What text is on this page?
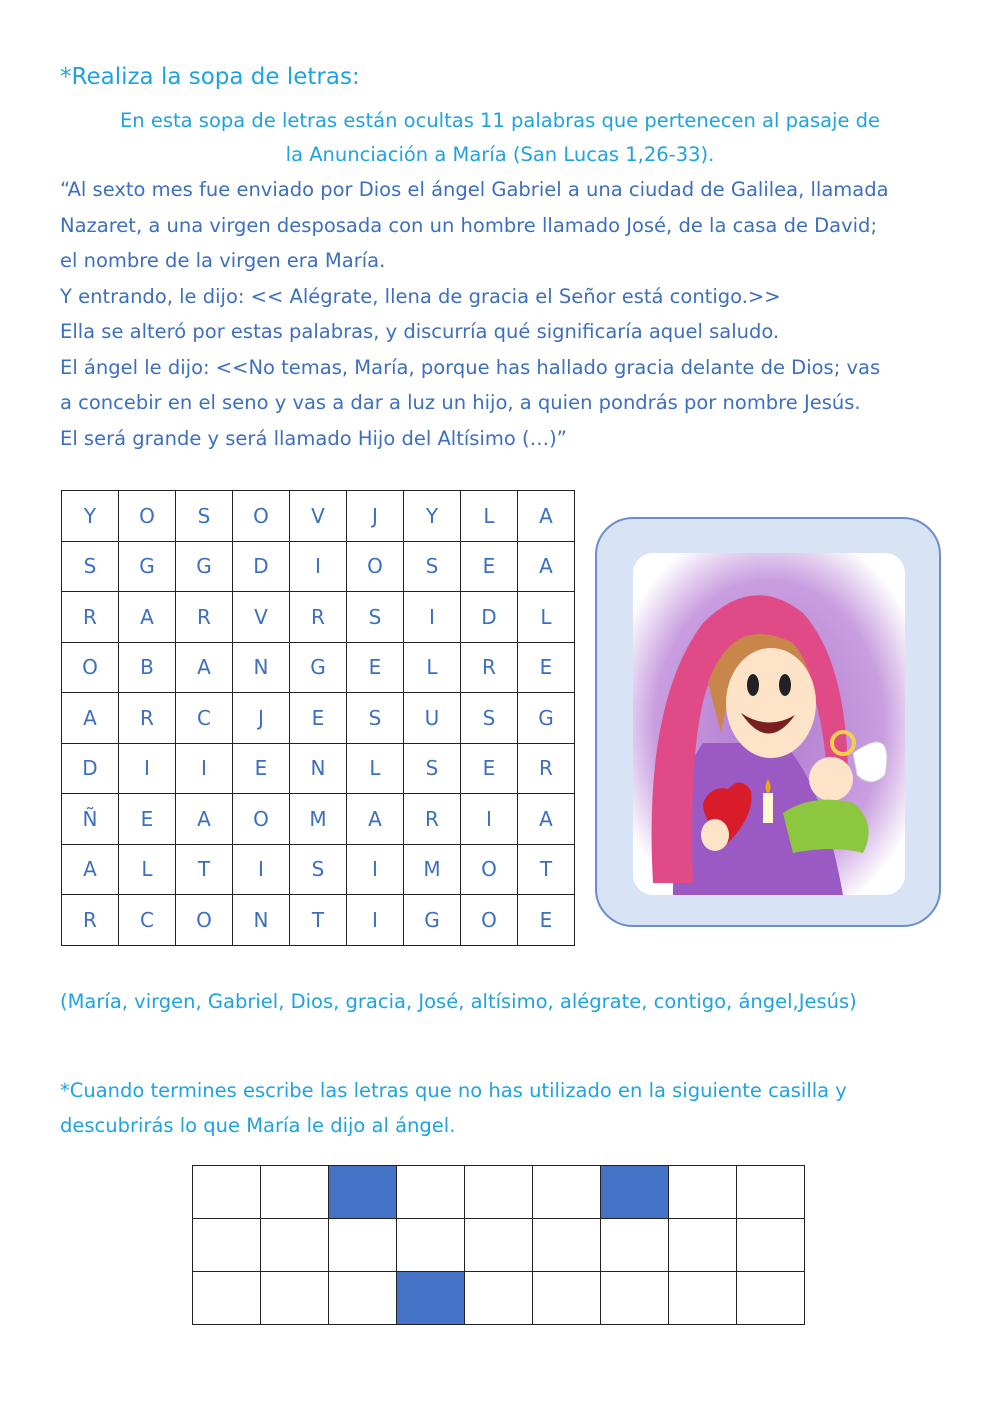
*Realiza la sopa de letras:
En esta sopa de letras están ocultas 11 palabras que pertenecen al pasaje de
la Anunciación a María (San Lucas 1,26-33).
“Al sexto mes fue enviado por Dios el ángel Gabriel a una ciudad de Galilea, llamada
Nazaret, a una virgen desposada con un hombre llamado José, de la casa de David;
el nombre de la virgen era María.
Y entrando, le dijo: << Alégrate, llena de gracia el Señor está contigo.>>
Ella se alteró por estas palabras, y discurría qué significaría aquel saludo.
El ángel le dijo: <<No temas, María, porque has hallado gracia delante de Dios; vas
a concebir en el seno y vas a dar a luz un hijo, a quien pondrás por nombre Jesús.
El será grande y será llamado Hijo del Altísimo (…)”
Y	O	S	O	V	J	Y	L	A
S	G	G	D	I	O	S	E	A
R	A	R	V	R	S	I	D	L
O	B	A	N	G	E	L	R	E
A	R	C	J	E	S	U	S	G
D	I	I	E	N	L	S	E	R
Ñ	E	A	O	M	A	R	I	A
A	L	T	I	S	I	M	O	T
R	C	O	N	T	I	G	O	E
(María, virgen, Gabriel, Dios, gracia, José, altísimo, alégrate, contigo, ángel,Jesús)
*Cuando termines escribe las letras que no has utilizado en la siguiente casilla y descubrirás lo que María le dijo al ángel.
